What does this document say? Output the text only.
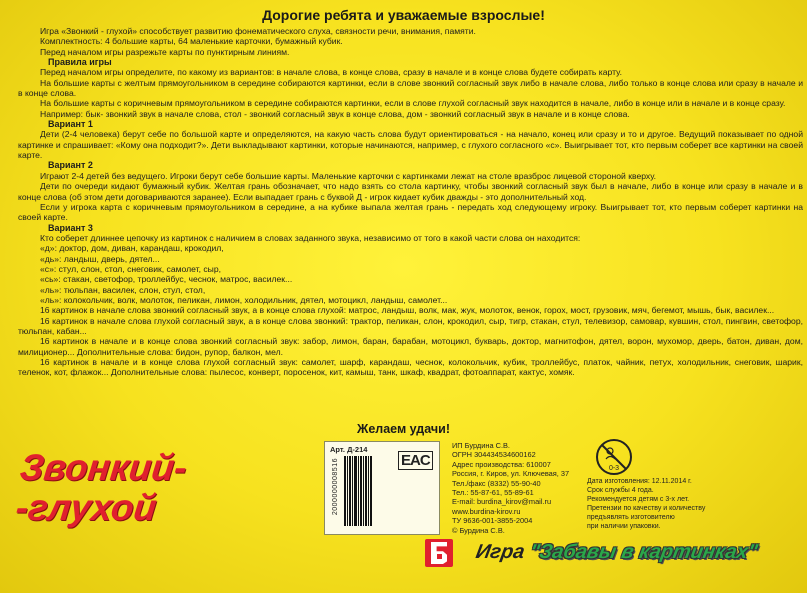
Дорогие ребята и уважаемые взрослые!

Игра «Звонкий - глухой» способствует развитию фонематического слуха, связности речи, внимания, памяти.

Комплектность: 4 большие карты, 64 маленькие карточки, бумажный кубик.

Перед началом игры разрежьте карты по пунктирным линиям.

Правила игры

Перед началом игры определите, по какому из вариантов: в начале слова, в конце слова, сразу в начале и в конце слова будете собирать карту.

На большие карты с желтым прямоугольником в середине собираются картинки, если в слове звонкий согласный звук либо в начале слова, либо только в конце слова или сразу в начале и в конце слова.

На большие карты с коричневым прямоугольником в середине собираются картинки, если в слове глухой согласный звук находится в начале, либо в конце или в начале и в конце сразу.

Например: бык- звонкий звук в начале слова, стол - звонкий согласный звук в конце слова, дом - звонкий согласный звук в начале и в конце слова.

Вариант 1

Дети (2-4 человека) берут себе по большой карте и определяются, на какую часть слова будут ориентироваться - на начало, конец или сразу и то и другое. Ведущий показывает по одной картинке и спрашивает: «Кому она подходит?». Дети выкладывают картинки, которые начинаются, например, с глухого согласного «с». Выигрывает тот, кто первым соберет все картинки на своей карте.

Вариант 2

Играют 2-4 детей без ведущего. Игроки берут себе большие карты. Маленькие карточки с картинками лежат на столе вразброс лицевой стороной кверху.

Дети по очереди кидают бумажный кубик. Желтая грань обозначает, что надо взять со стола картинку, чтобы звонкий согласный звук был в начале, либо в конце или сразу в начале и в конце слова (об этом дети договариваются заранее). Если выпадает грань с буквой Д - игрок кидает кубик дважды - это дополнительный ход.

Если у игрока карта с коричневым прямоугольником в середине, а на кубике выпала желтая грань - передать ход следующему игроку. Выигрывает тот, кто первым соберет картинки на своей карте.

Вариант 3

Кто соберет длиннее цепочку из картинок с наличием в словах заданного звука, независимо от того в какой части слова он находится:

«д»: доктор, дом, диван, карандаш, крокодил,

«дь»: ландыш, дверь, дятел...

«с»: стул, слон, стол, снеговик, самолет, сыр,

«сь»: стакан, светофор, троллейбус, чеснок, матрос, василек...

«ль»: тюльпан, василек, слон, стул, стол,

«ль»: колокольчик, волк, молоток, пеликан, лимон, холодильник, дятел, мотоцикл, ландыш, самолет...

16 картинок в начале слова звонкий согласный звук, а в конце слова глухой: матрос, ландыш, волк, мак, жук, молоток, венок, горох, мост, грузовик, мяч, бегемот, мышь, бык, василек...

16 картинок в начале слова глухой согласный звук, а в конце слова звонкий: трактор, пеликан, слон, крокодил, сыр, тигр, стакан, стул, телевизор, самовар, кувшин, стол, пингвин, светофор, тюльпан, кабан...

16 картинок в начале и в конце слова звонкий согласный звук: забор, лимон, баран, барабан, мотоцикл, букварь, доктор, магнитофон, дятел, ворон, мухомор, дверь, батон, диван, дом, милиционер... Дополнительные слова: бидон, рупор, балкон, мел.

16 картинок в начале и в конце слова глухой согласный звук: самолет, шарф, карандаш, чеснок, колокольчик, кубик, троллейбус, платок, чайник, петух, холодильник, снеговик, шарик, теленок, кот, флажок... Дополнительные слова: пылесос, конверт, поросенок, кит, камыш, танк, шкаф, квадрат, фотоаппарат, кактус, хомяк.

Желаем удачи!
Звонкий-
-глухой
Арт. Д-214
2000000008516	EAC
ИП Бурдина С.В.
ОГРН 304434534600162
Адрес производства: 610007
Россия, г. Киров, ул. Ключевая, 37
Тел./факс (8332) 55-90-40
Тел.: 55-87-61, 55-89-61
E-mail: burdina_kirov@mail.ru
www.burdina-kirov.ru
ТУ 9636-001-3855-2004
© Бурдина С.В.
0-3
Дата изготовления: 12.11.2014 г.
Срок службы 4 года.
Рекомендуется детям с 3-х лет.
Претензии по качеству и количеству
предъявлять изготовителю
при наличии упаковки.
Игра "Забавы в картинках"
